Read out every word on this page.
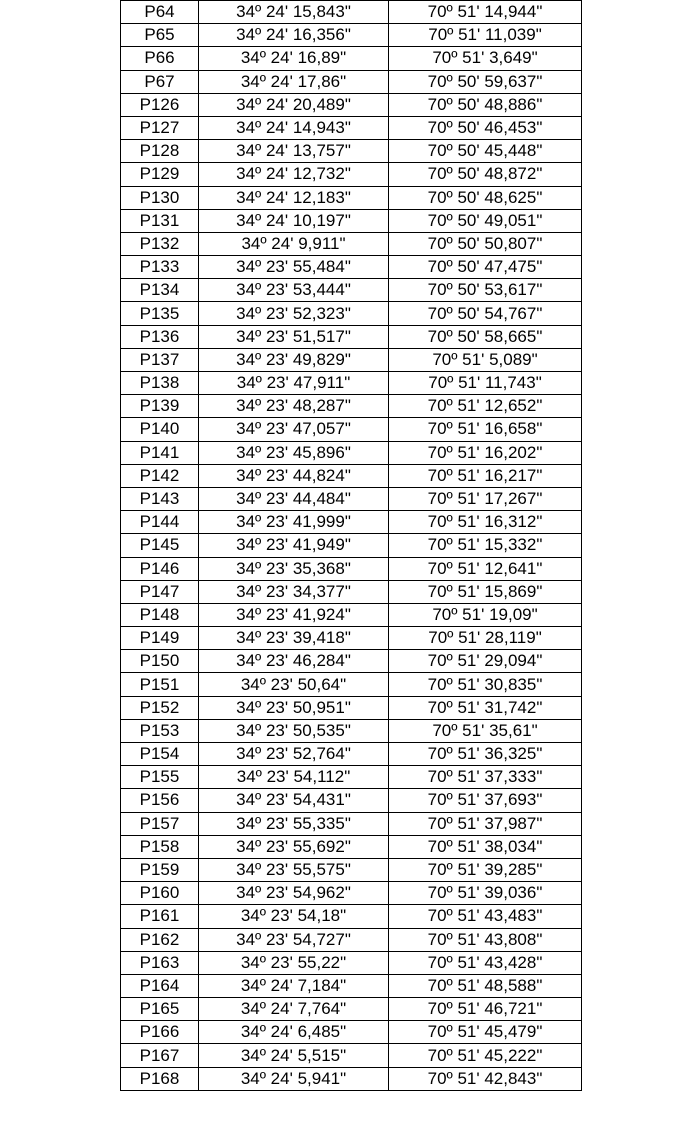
P64	34º 24' 15,843"	70º 51' 14,944"
P65	34º 24' 16,356"	70º 51' 11,039"
P66	34º 24' 16,89"	70º 51' 3,649"
P67	34º 24' 17,86"	70º 50' 59,637"
P126	34º 24' 20,489"	70º 50' 48,886"
P127	34º 24' 14,943"	70º 50' 46,453"
P128	34º 24' 13,757"	70º 50' 45,448"
P129	34º 24' 12,732"	70º 50' 48,872"
P130	34º 24' 12,183"	70º 50' 48,625"
P131	34º 24' 10,197"	70º 50' 49,051"
P132	34º 24' 9,911"	70º 50' 50,807"
P133	34º 23' 55,484"	70º 50' 47,475"
P134	34º 23' 53,444"	70º 50' 53,617"
P135	34º 23' 52,323"	70º 50' 54,767"
P136	34º 23' 51,517"	70º 50' 58,665"
P137	34º 23' 49,829"	70º 51' 5,089"
P138	34º 23' 47,911"	70º 51' 11,743"
P139	34º 23' 48,287"	70º 51' 12,652"
P140	34º 23' 47,057"	70º 51' 16,658"
P141	34º 23' 45,896"	70º 51' 16,202"
P142	34º 23' 44,824"	70º 51' 16,217"
P143	34º 23' 44,484"	70º 51' 17,267"
P144	34º 23' 41,999"	70º 51' 16,312"
P145	34º 23' 41,949"	70º 51' 15,332"
P146	34º 23' 35,368"	70º 51' 12,641"
P147	34º 23' 34,377"	70º 51' 15,869"
P148	34º 23' 41,924"	70º 51' 19,09"
P149	34º 23' 39,418"	70º 51' 28,119"
P150	34º 23' 46,284"	70º 51' 29,094"
P151	34º 23' 50,64"	70º 51' 30,835"
P152	34º 23' 50,951"	70º 51' 31,742"
P153	34º 23' 50,535"	70º 51' 35,61"
P154	34º 23' 52,764"	70º 51' 36,325"
P155	34º 23' 54,112"	70º 51' 37,333"
P156	34º 23' 54,431"	70º 51' 37,693"
P157	34º 23' 55,335"	70º 51' 37,987"
P158	34º 23' 55,692"	70º 51' 38,034"
P159	34º 23' 55,575"	70º 51' 39,285"
P160	34º 23' 54,962"	70º 51' 39,036"
P161	34º 23' 54,18"	70º 51' 43,483"
P162	34º 23' 54,727"	70º 51' 43,808"
P163	34º 23' 55,22"	70º 51' 43,428"
P164	34º 24' 7,184"	70º 51' 48,588"
P165	34º 24' 7,764"	70º 51' 46,721"
P166	34º 24' 6,485"	70º 51' 45,479"
P167	34º 24' 5,515"	70º 51' 45,222"
P168	34º 24' 5,941"	70º 51' 42,843"
